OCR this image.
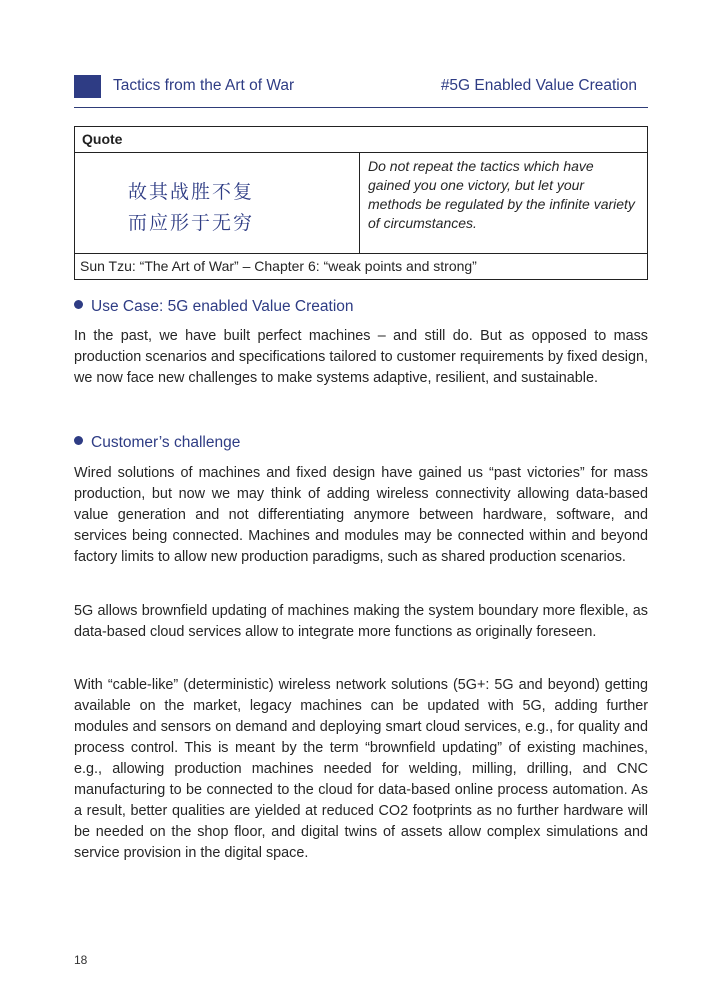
Tactics from the Art of War	#5G Enabled Value Creation
Quote
故其战胜不复
而应形于无穷
Do not repeat the tactics which have gained you one victory, but let your methods be regulated by the infinite variety of circumstances.
Sun Tzu: “The Art of War” – Chapter 6: “weak points and strong”
Use Case: 5G enabled Value Creation

In the past, we have built perfect machines – and still do. But as opposed to mass production scenarios and specifications tailored to customer requirements by fixed design, we now face new challenges to make systems adaptive, resilient, and sustainable.

Customer’s challenge

Wired solutions of machines and fixed design have gained us “past victories” for mass production, but now we may think of adding wireless connectivity allowing data-based value generation and not differentiating anymore between hardware, software, and services being connected. Machines and modules may be connected within and beyond factory limits to allow new production paradigms, such as shared production scenarios.

5G allows brownfield updating of machines making the system boundary more flexible, as data-based cloud services allow to integrate more functions as originally foreseen.

With “cable-like” (deterministic) wireless network solutions (5G+: 5G and beyond) getting available on the market, legacy machines can be updated with 5G, adding further modules and sensors on demand and deploying smart cloud services, e.g., for quality and process control. This is meant by the term “brownfield updating” of existing machines, e.g., allowing production machines needed for welding, milling, drilling, and CNC manufacturing to be connected to the cloud for data-based online process automation. As a result, better qualities are yielded at reduced CO2 footprints as no further hardware will be needed on the shop floor, and digital twins of assets allow complex simulations and service provision in the digital space.

18
